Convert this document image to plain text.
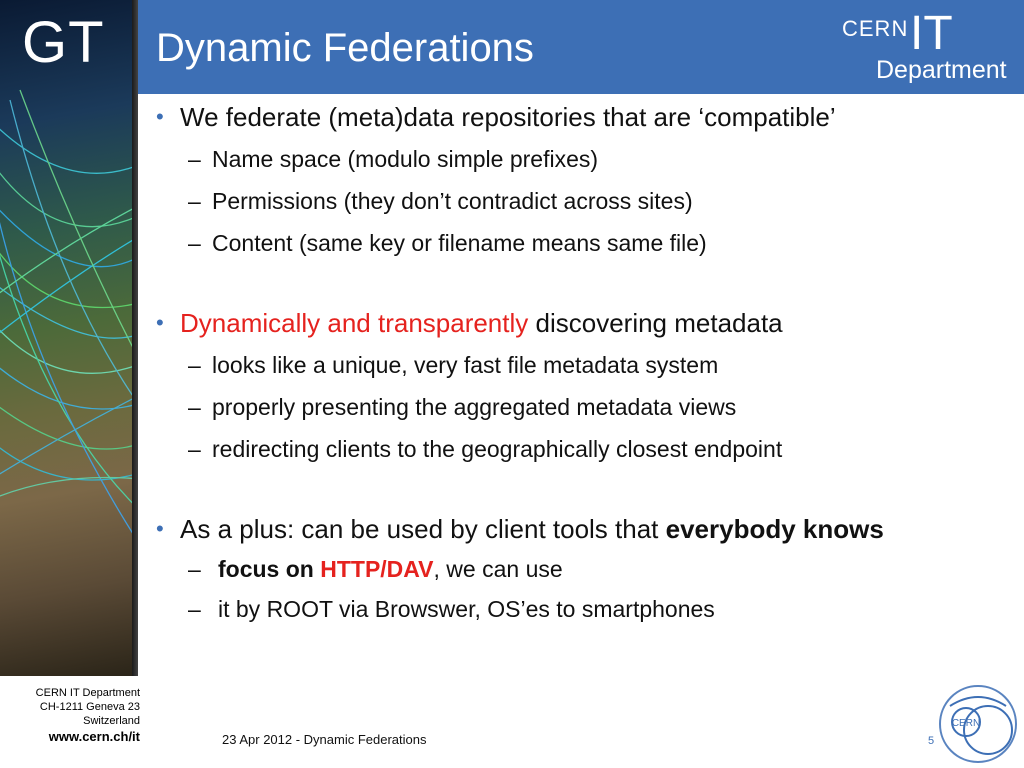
GT Dynamic Federations	CERN IT
Department
• We federate (meta)data repositories that are ‘compatible’
– Name space (modulo simple prefixes)
– Permissions (they don’t contradict across sites)
– Content (same key or filename means same file)
• Dynamically and transparently discovering metadata
– looks like a unique, very fast file metadata system
– properly presenting the aggregated metadata views
– redirecting clients to the geographically closest endpoint
• As a plus: can be used by client tools that everybody knows
– focus on HTTP/DAV, we can use
– it by ROOT via Browswer, OS’es to smartphones
CERN IT Department
CH-1211 Geneva 23
Switzerland
www.cern.ch/it	23 Apr 2012 - Dynamic Federations	5
CERN
